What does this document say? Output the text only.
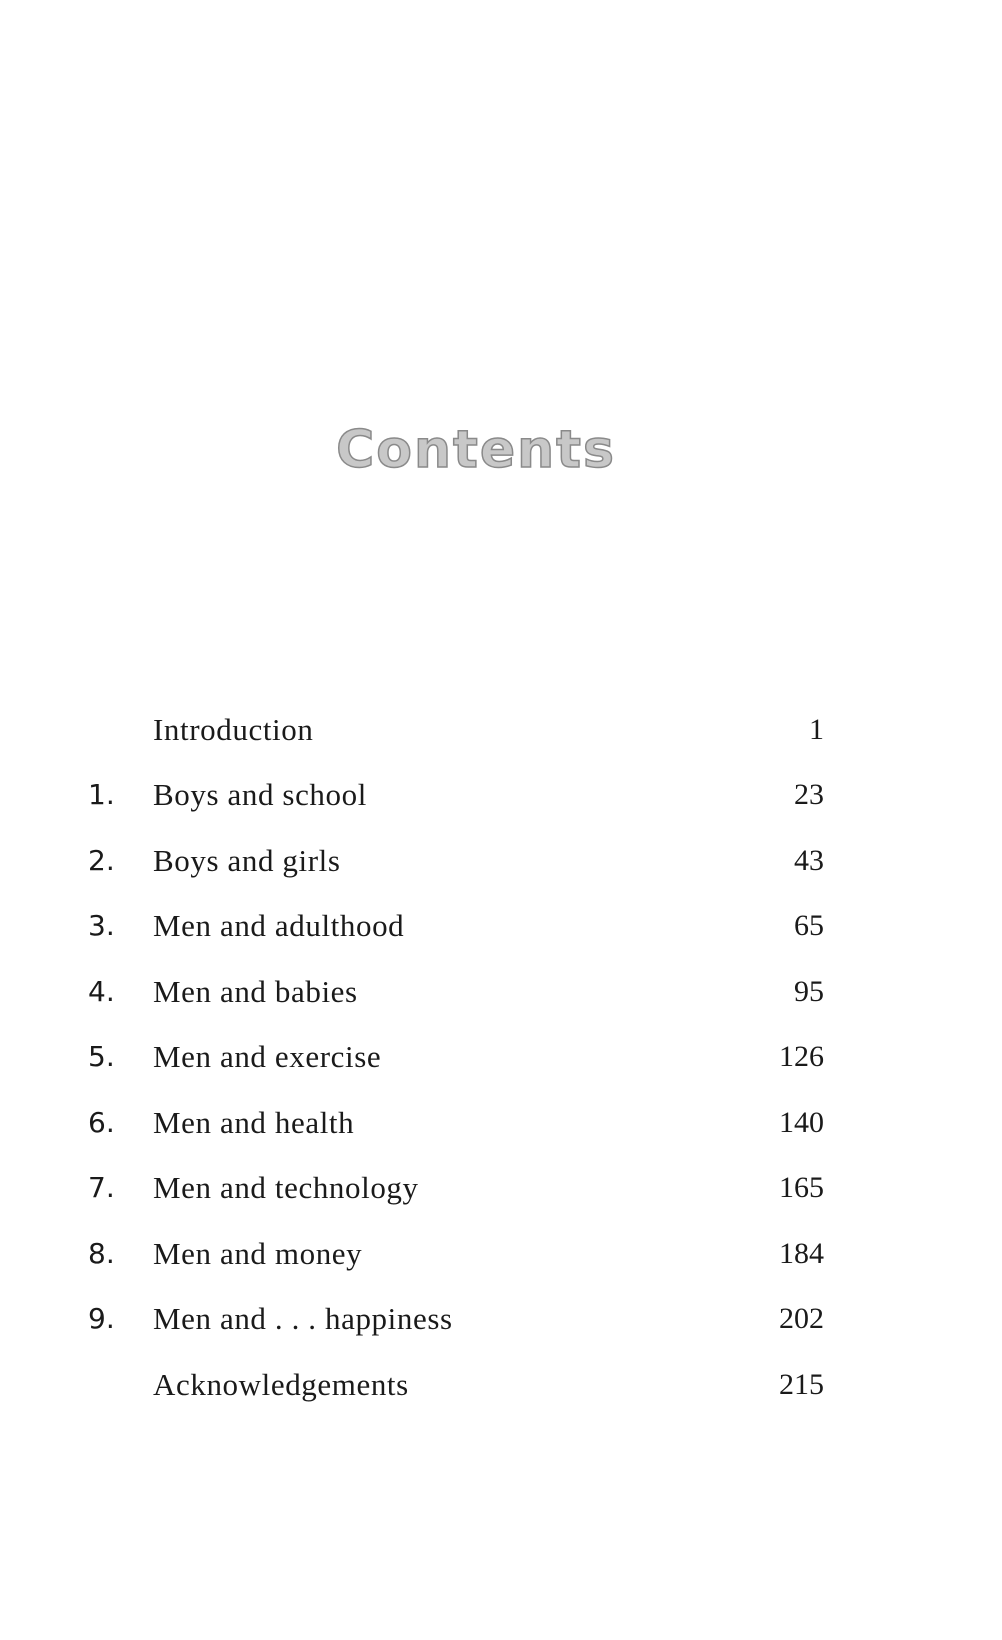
Contents
Introduction	1
1.	Boys and school	23
2.	Boys and girls	43
3.	Men and adulthood	65
4.	Men and babies	95
5.	Men and exercise	126
6.	Men and health	140
7.	Men and technology	165
8.	Men and money	184
9.	Men and . . . happiness	202
Acknowledgements	215
